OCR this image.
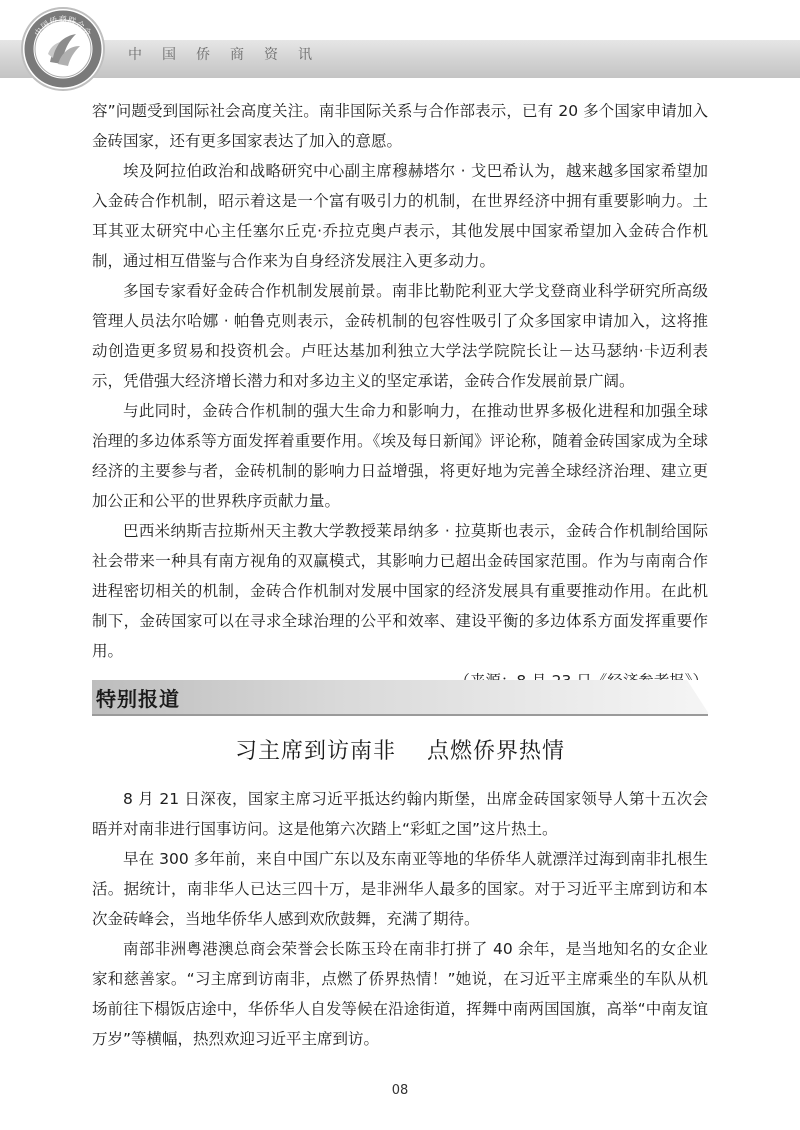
中国侨商联合会
中国侨商资讯

容”问题受到国际社会高度关注。南非国际关系与合作部表示，已有 20 多个国家申请加入金砖国家，还有更多国家表达了加入的意愿。

埃及阿拉伯政治和战略研究中心副主席穆赫塔尔 · 戈巴希认为，越来越多国家希望加入金砖合作机制，昭示着这是一个富有吸引力的机制，在世界经济中拥有重要影响力。土耳其亚太研究中心主任塞尔丘克·乔拉克奥卢表示，其他发展中国家希望加入金砖合作机制，通过相互借鉴与合作来为自身经济发展注入更多动力。

多国专家看好金砖合作机制发展前景。南非比勒陀利亚大学戈登商业科学研究所高级管理人员法尔哈娜 · 帕鲁克则表示，金砖机制的包容性吸引了众多国家申请加入，这将推动创造更多贸易和投资机会。卢旺达基加利独立大学法学院院长让－达马瑟纳·卡迈利表示，凭借强大经济增长潜力和对多边主义的坚定承诺，金砖合作发展前景广阔。

与此同时，金砖合作机制的强大生命力和影响力，在推动世界多极化进程和加强全球治理的多边体系等方面发挥着重要作用。《埃及每日新闻》评论称，随着金砖国家成为全球经济的主要参与者，金砖机制的影响力日益增强，将更好地为完善全球经济治理、建立更加公正和公平的世界秩序贡献力量。

巴西米纳斯吉拉斯州天主教大学教授莱昂纳多 · 拉莫斯也表示，金砖合作机制给国际社会带来一种具有南方视角的双赢模式，其影响力已超出金砖国家范围。作为与南南合作进程密切相关的机制，金砖合作机制对发展中国家的经济发展具有重要推动作用。在此机制下，金砖国家可以在寻求全球治理的公平和效率、建设平衡的多边体系方面发挥重要作用。

特别报道
习主席到访南非　 点燃侨界热情

8 月 21 日深夜，国家主席习近平抵达约翰内斯堡，出席金砖国家领导人第十五次会晤并对南非进行国事访问。这是他第六次踏上“彩虹之国”这片热土。

早在 300 多年前，来自中国广东以及东南亚等地的华侨华人就漂洋过海到南非扎根生活。据统计，南非华人已达三四十万，是非洲华人最多的国家。对于习近平主席到访和本次金砖峰会，当地华侨华人感到欢欣鼓舞，充满了期待。

南部非洲粤港澳总商会荣誉会长陈玉玲在南非打拼了 40 余年，是当地知名的女企业家和慈善家。“习主席到访南非，点燃了侨界热情！”她说，在习近平主席乘坐的车队从机场前往下榻饭店途中，华侨华人自发等候在沿途街道，挥舞中南两国国旗，高举“中南友谊万岁”等横幅，热烈欢迎习近平主席到访。

08
